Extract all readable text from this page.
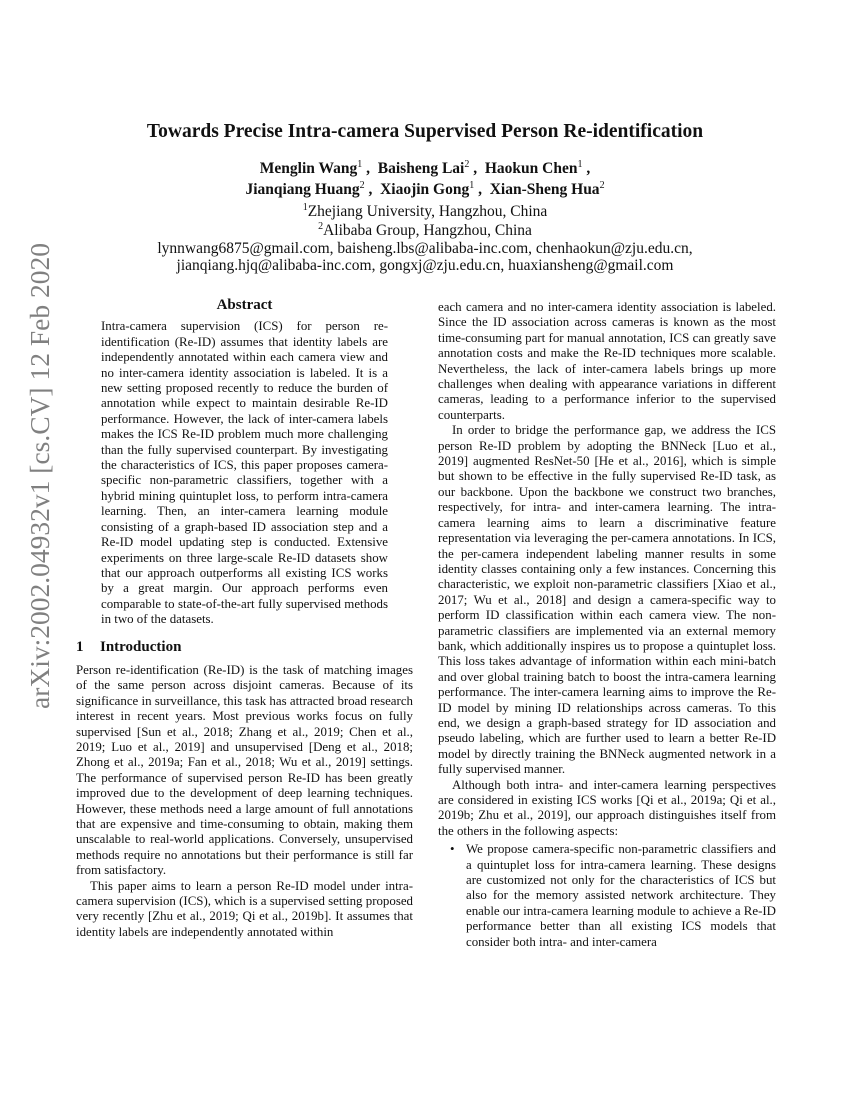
arXiv:2002.04932v1 [cs.CV] 12 Feb 2020
Towards Precise Intra-camera Supervised Person Re-identification
Menglin Wang$^1$ ,  Baisheng Lai$^2$ ,  Haokun Chen$^1$ ,
Jianqiang Huang$^2$ ,  Xiaojin Gong$^1$ ,  Xian-Sheng Hua$^2$
$^1$Zhejiang University, Hangzhou, China
$^2$Alibaba Group, Hangzhou, China
lynnwang6875@gmail.com, baisheng.lbs@alibaba-inc.com, chenhaokun@zju.edu.cn,
jianqiang.hjq@alibaba-inc.com, gongxj@zju.edu.cn, huaxiansheng@gmail.com
Abstract
Intra-camera supervision (ICS) for person re-identification (Re-ID) assumes that identity labels are independently annotated within each camera view and no inter-camera identity association is labeled. It is a new setting proposed recently to reduce the burden of annotation while expect to maintain desirable Re-ID performance. However, the lack of inter-camera labels makes the ICS Re-ID problem much more challenging than the fully supervised counterpart. By investigating the characteristics of ICS, this paper proposes camera-specific non-parametric classifiers, together with a hybrid mining quintuplet loss, to perform intra-camera learning. Then, an inter-camera learning module consisting of a graph-based ID association step and a Re-ID model updating step is conducted. Extensive experiments on three large-scale Re-ID datasets show that our approach outperforms all existing ICS works by a great margin. Our approach performs even comparable to state-of-the-art fully supervised methods in two of the datasets.
1 Introduction

Person re-identification (Re-ID) is the task of matching images of the same person across disjoint cameras. Because of its significance in surveillance, this task has attracted broad research interest in recent years. Most previous works focus on fully supervised [Sun et al., 2018; Zhang et al., 2019; Chen et al., 2019; Luo et al., 2019] and unsupervised [Deng et al., 2018; Zhong et al., 2019a; Fan et al., 2018; Wu et al., 2019] settings. The performance of supervised person Re-ID has been greatly improved due to the development of deep learning techniques. However, these methods need a large amount of full annotations that are expensive and time-consuming to obtain, making them unscalable to real-world applications. Conversely, unsupervised methods require no annotations but their performance is still far from satisfactory.

This paper aims to learn a person Re-ID model under intra-camera supervision (ICS), which is a supervised setting proposed very recently [Zhu et al., 2019; Qi et al., 2019b]. It assumes that identity labels are independently annotated within

each camera and no inter-camera identity association is labeled. Since the ID association across cameras is known as the most time-consuming part for manual annotation, ICS can greatly save annotation costs and make the Re-ID techniques more scalable. Nevertheless, the lack of inter-camera labels brings up more challenges when dealing with appearance variations in different cameras, leading to a performance inferior to the supervised counterparts.

In order to bridge the performance gap, we address the ICS person Re-ID problem by adopting the BNNeck [Luo et al., 2019] augmented ResNet-50 [He et al., 2016], which is simple but shown to be effective in the fully supervised Re-ID task, as our backbone. Upon the backbone we construct two branches, respectively, for intra- and inter-camera learning. The intra-camera learning aims to learn a discriminative feature representation via leveraging the per-camera annotations. In ICS, the per-camera independent labeling manner results in some identity classes containing only a few instances. Concerning this characteristic, we exploit non-parametric classifiers [Xiao et al., 2017; Wu et al., 2018] and design a camera-specific way to perform ID classification within each camera view. The non-parametric classifiers are implemented via an external memory bank, which additionally inspires us to propose a quintuplet loss. This loss takes advantage of information within each mini-batch and over global training batch to boost the intra-camera learning performance. The inter-camera learning aims to improve the Re-ID model by mining ID relationships across cameras. To this end, we design a graph-based strategy for ID association and pseudo labeling, which are further used to learn a better Re-ID model by directly training the BNNeck augmented network in a fully supervised manner.

Although both intra- and inter-camera learning perspectives are considered in existing ICS works [Qi et al., 2019a; Qi et al., 2019b; Zhu et al., 2019], our approach distinguishes itself from the others in the following aspects:

• We propose camera-specific non-parametric classifiers and a quintuplet loss for intra-camera learning. These designs are customized not only for the characteristics of ICS but also for the memory assisted network architecture. They enable our intra-camera learning module to achieve a Re-ID performance better than all existing ICS models that consider both intra- and inter-camera
